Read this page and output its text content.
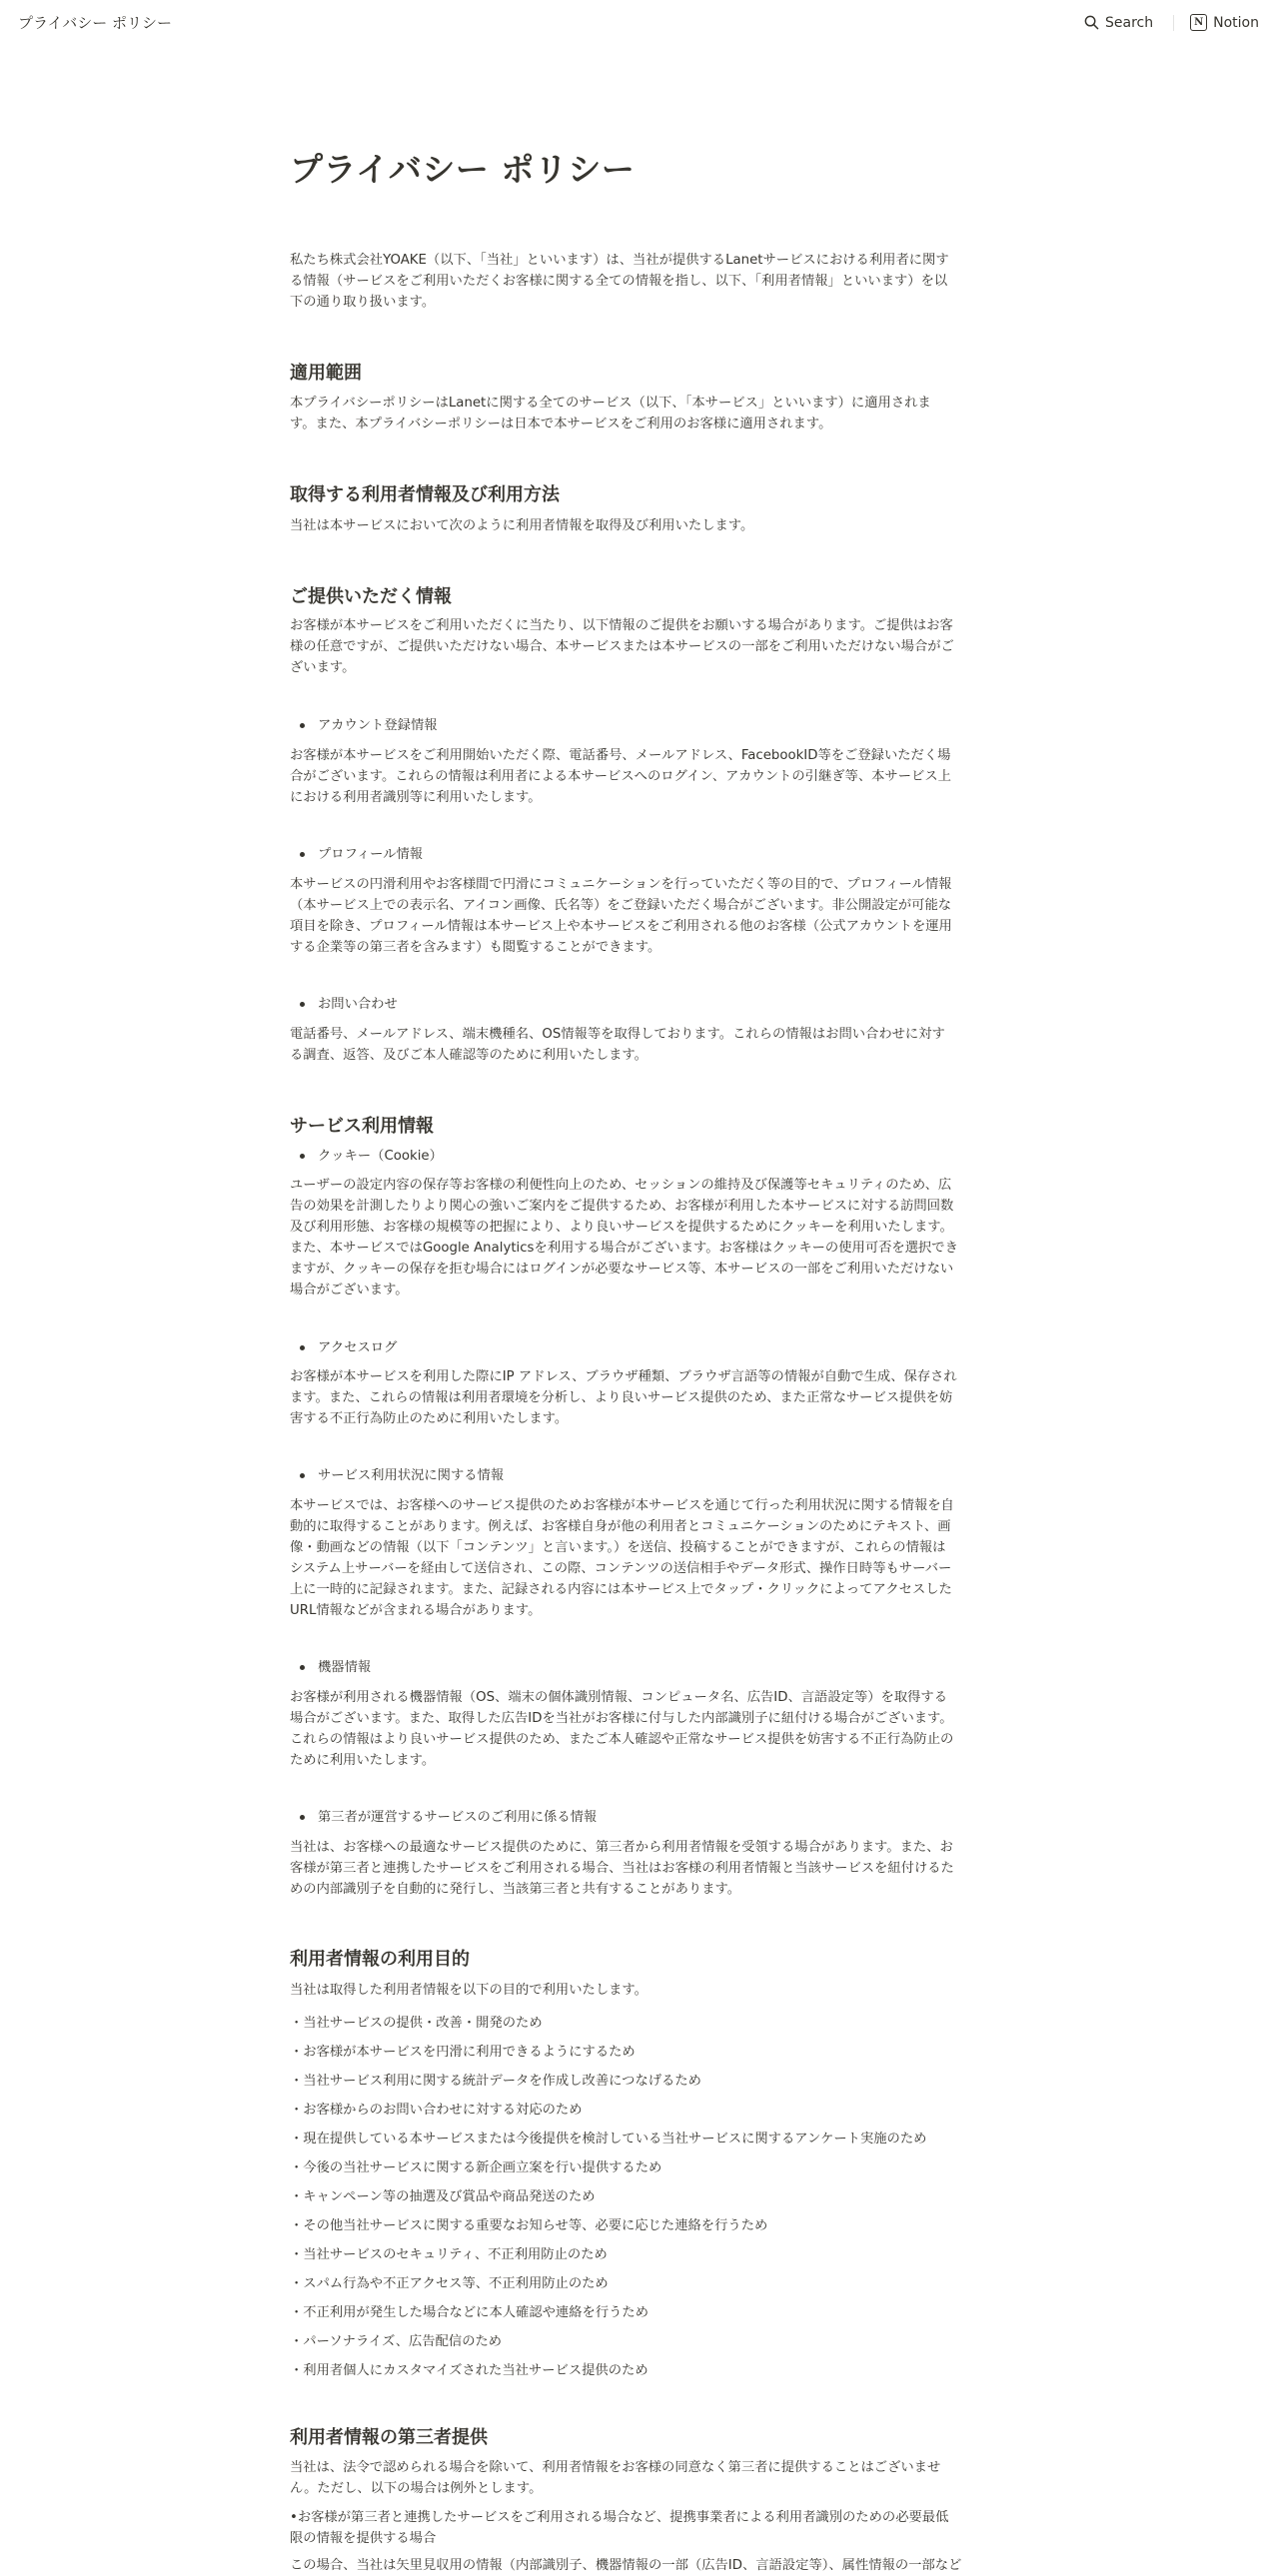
プライバシー ポリシー	Search	N Notion
プライバシー ポリシー

私たち株式会社YOAKE（以下、「当社」といいます）は、当社が提供するLanetサービスにおける利用者に関す

る情報（サービスをご利用いただくお客様に関する全ての情報を指し、以下、「利用者情報」といいます）を以

下の通り取り扱います。

適用範囲

本プライバシーポリシーはLanetに関する全てのサービス（以下、「本サービス」といいます）に適用されま

す。また、本プライバシーポリシーは日本で本サービスをご利用のお客様に適用されます。

取得する利用者情報及び利用方法

当社は本サービスにおいて次のように利用者情報を取得及び利用いたします。

ご提供いただく情報

お客様が本サービスをご利用いただくに当たり、以下情報のご提供をお願いする場合があります。ご提供はお客

様の任意ですが、ご提供いただけない場合、本サービスまたは本サービスの一部をご利用いただけない場合がご

ざいます。

アカウント登録情報

お客様が本サービスをご利用開始いただく際、電話番号、メールアドレス、FacebookID等をご登録いただく場

合がございます。これらの情報は利用者による本サービスへのログイン、アカウントの引継ぎ等、本サービス上

における利用者識別等に利用いたします。

プロフィール情報

本サービスの円滑利用やお客様間で円滑にコミュニケーションを行っていただく等の目的で、プロフィール情報

（本サービス上での表示名、アイコン画像、氏名等）をご登録いただく場合がございます。非公開設定が可能な

項目を除き、プロフィール情報は本サービス上や本サービスをご利用される他のお客様（公式アカウントを運用

する企業等の第三者を含みます）も閲覧することができます。

お問い合わせ

電話番号、メールアドレス、端末機種名、OS情報等を取得しております。これらの情報はお問い合わせに対す

る調査、返答、及びご本人確認等のために利用いたします。

サービス利用情報
クッキー（Cookie）

ユーザーの設定内容の保存等お客様の利便性向上のため、セッションの維持及び保護等セキュリティのため、広

告の効果を計測したりより関心の強いご案内をご提供するため、お客様が利用した本サービスに対する訪問回数

及び利用形態、お客様の規模等の把握により、より良いサービスを提供するためにクッキーを利用いたします。

また、本サービスではGoogle Analyticsを利用する場合がございます。お客様はクッキーの使用可否を選択でき

ますが、クッキーの保存を拒む場合にはログインが必要なサービス等、本サービスの一部をご利用いただけない

場合がございます。

アクセスログ

お客様が本サービスを利用した際にIP アドレス、ブラウザ種類、ブラウザ言語等の情報が自動で生成、保存され

ます。また、これらの情報は利用者環境を分析し、より良いサービス提供のため、また正常なサービス提供を妨

害する不正行為防止のために利用いたします。

サービス利用状況に関する情報

本サービスでは、お客様へのサービス提供のためお客様が本サービスを通じて行った利用状況に関する情報を自

動的に取得することがあります。例えば、お客様自身が他の利用者とコミュニケーションのためにテキスト、画

像・動画などの情報（以下「コンテンツ」と言います。）を送信、投稿することができますが、これらの情報は

システム上サーバーを経由して送信され、この際、コンテンツの送信相手やデータ形式、操作日時等もサーバー

上に一時的に記録されます。また、記録される内容には本サービス上でタップ・クリックによってアクセスした

URL情報などが含まれる場合があります。

機器情報

お客様が利用される機器情報（OS、端末の個体識別情報、コンピュータ名、広告ID、言語設定等）を取得する

場合がございます。また、取得した広告IDを当社がお客様に付与した内部識別子に紐付ける場合がございます。

これらの情報はより良いサービス提供のため、またご本人確認や正常なサービス提供を妨害する不正行為防止の

ために利用いたします。

第三者が運営するサービスのご利用に係る情報

当社は、お客様への最適なサービス提供のために、第三者から利用者情報を受領する場合があります。また、お

客様が第三者と連携したサービスをご利用される場合、当社はお客様の利用者情報と当該サービスを紐付けるた

めの内部識別子を自動的に発行し、当該第三者と共有することがあります。

利用者情報の利用目的

当社は取得した利用者情報を以下の目的で利用いたします。

・当社サービスの提供・改善・開発のため
・お客様が本サービスを円滑に利用できるようにするため
・当社サービス利用に関する統計データを作成し改善につなげるため
・お客様からのお問い合わせに対する対応のため
・現在提供している本サービスまたは今後提供を検討している当社サービスに関するアンケート実施のため
・今後の当社サービスに関する新企画立案を行い提供するため
・キャンペーン等の抽選及び賞品や商品発送のため
・その他当社サービスに関する重要なお知らせ等、必要に応じた連絡を行うため
・当社サービスのセキュリティ、不正利用防止のため
・スパム行為や不正アクセス等、不正利用防止のため
・不正利用が発生した場合などに本人確認や連絡を行うため
・パーソナライズ、広告配信のため
・利用者個人にカスタマイズされた当社サービス提供のため
利用者情報の第三者提供

当社は、法令で認められる場合を除いて、利用者情報をお客様の同意なく第三者に提供することはございませ

ん。ただし、以下の場合は例外とします。

•お客様が第三者と連携したサービスをご利用される場合など、提携事業者による利用者識別のための必要最低

限の情報を提供する場合

この場合、当社は矢里見収用の情報（内部識別子、機器情報の一部（広告ID、言語設定等）、属性情報の一部など
